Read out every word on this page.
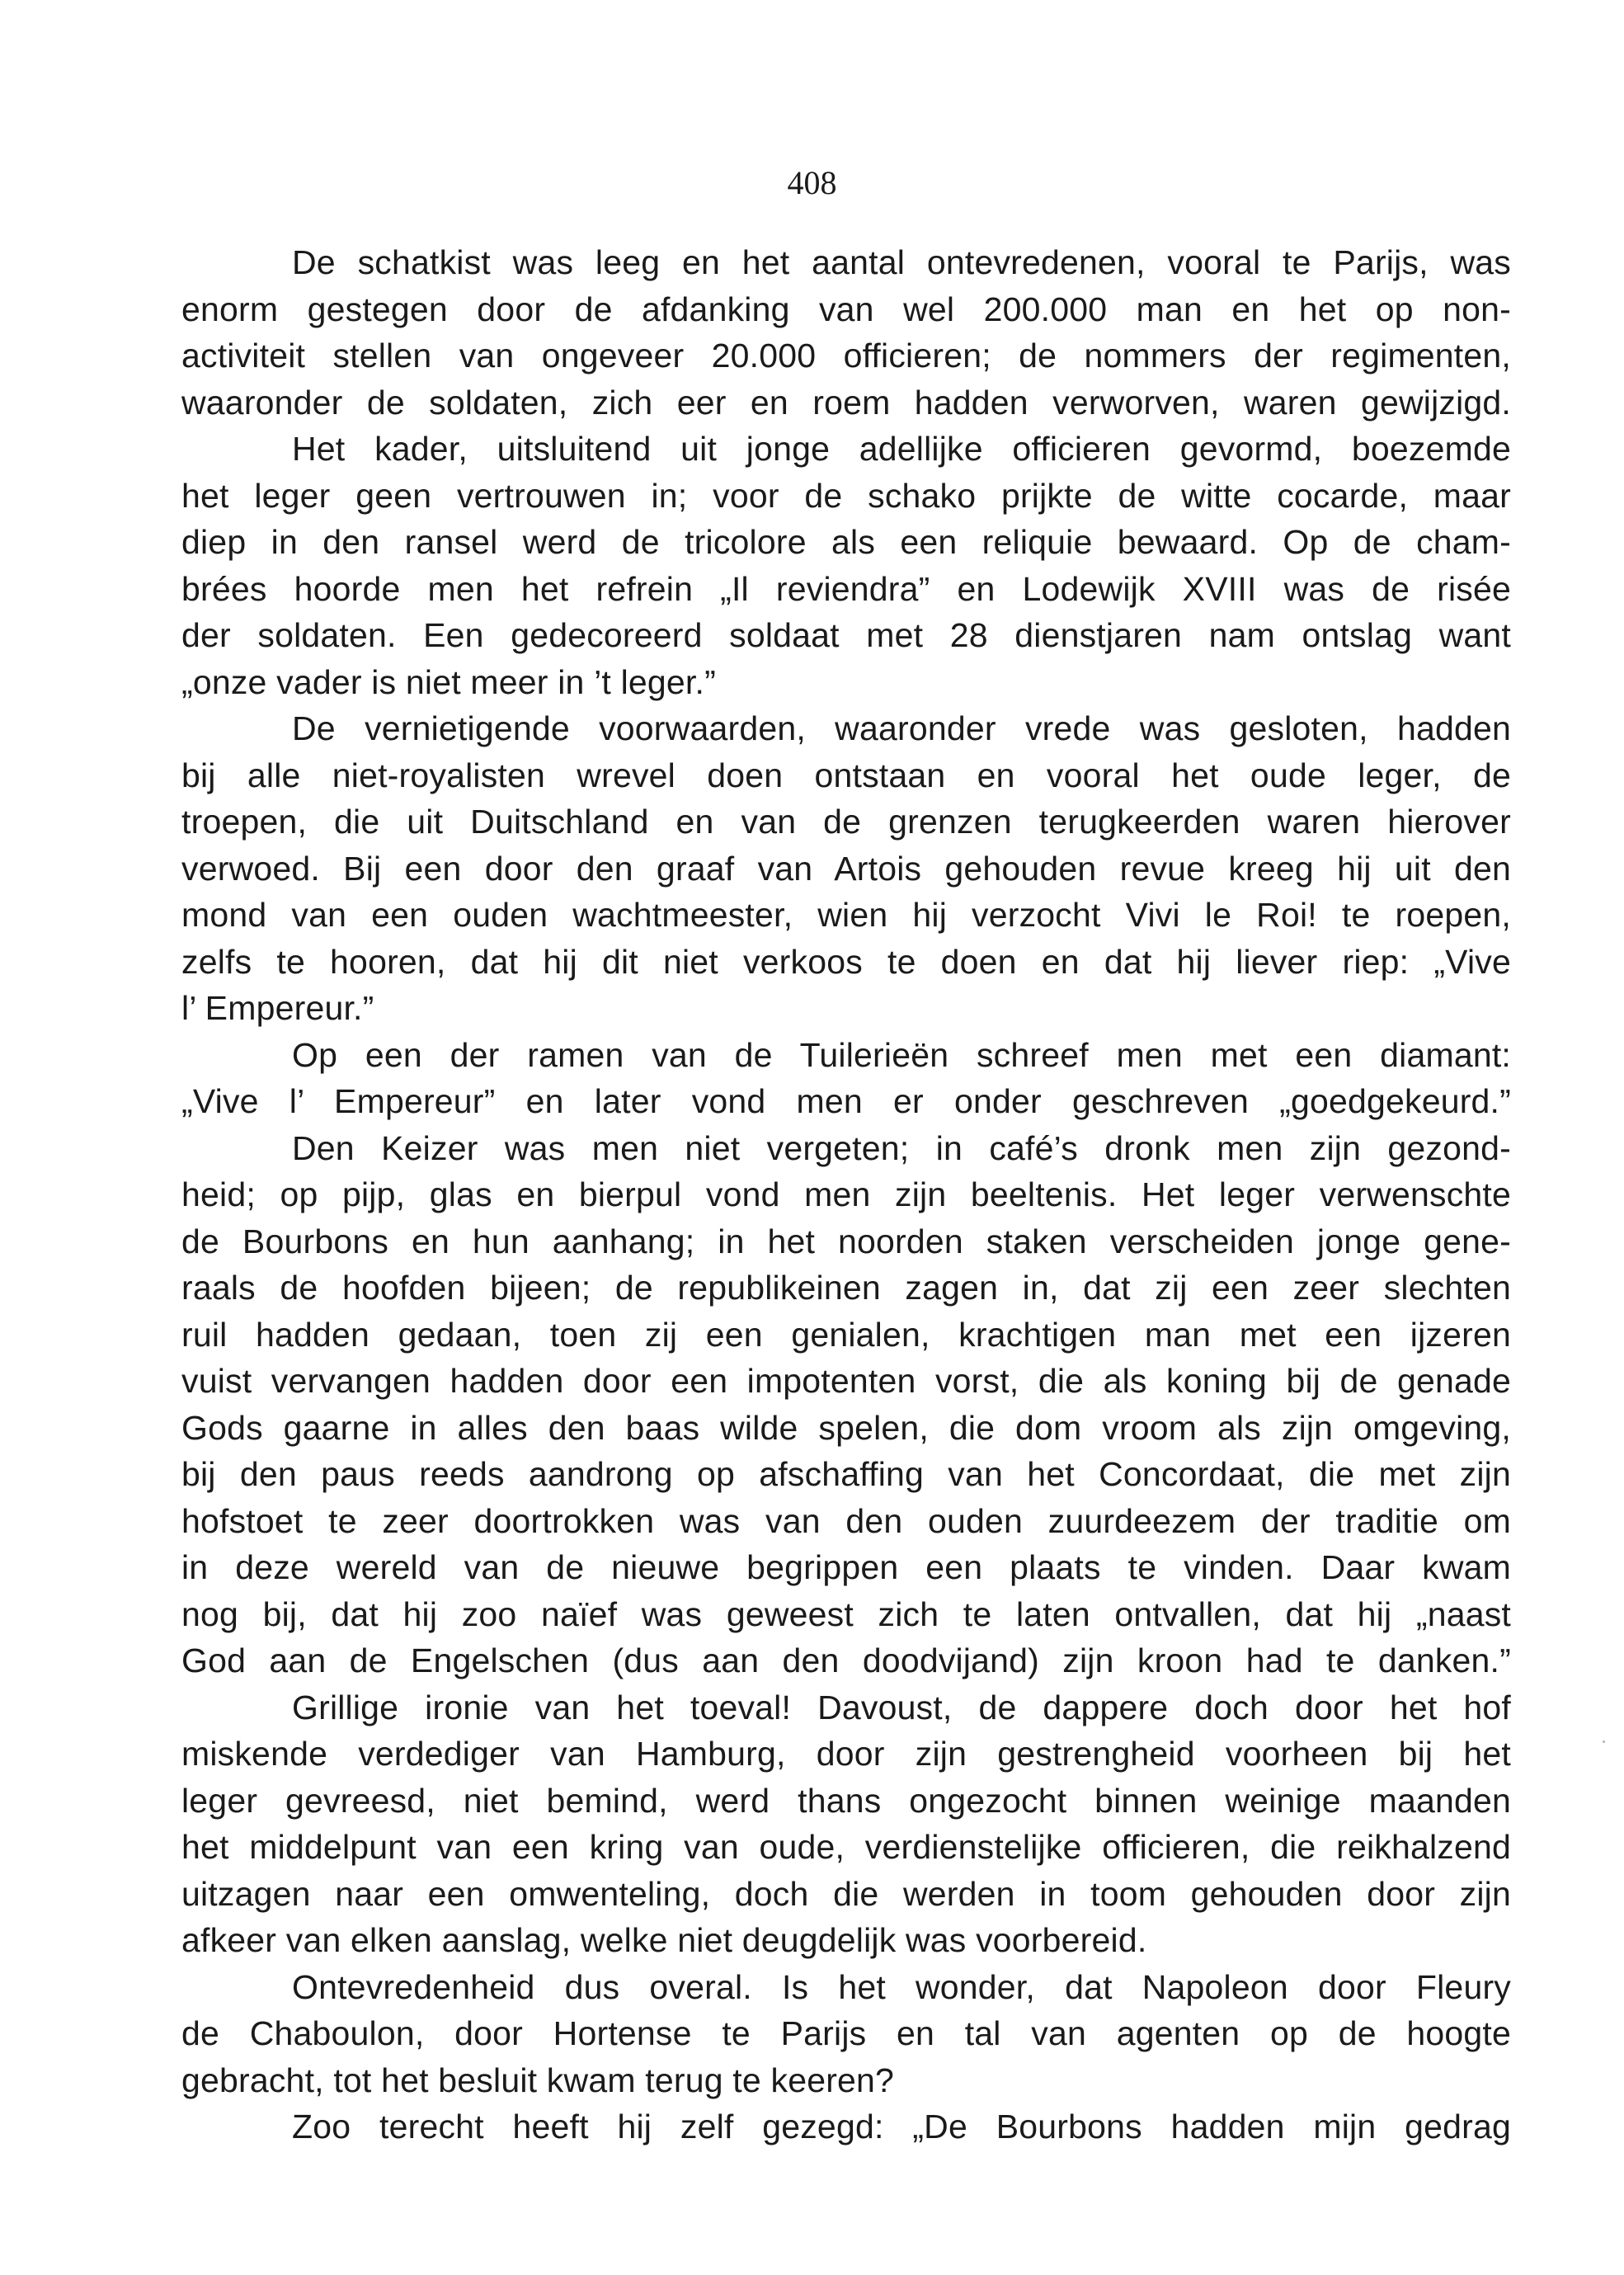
408
De schatkist was leeg en het aantal ontevredenen, vooral te Parijs, was
enorm gestegen door de afdanking van wel 200.000 man en het op non-
activiteit stellen van ongeveer 20.000 officieren; de nommers der regimenten,
waaronder de soldaten, zich eer en roem hadden verworven, waren gewijzigd.
Het kader, uitsluitend uit jonge adellijke officieren gevormd, boezemde
het leger geen vertrouwen in; voor de schako prijkte de witte cocarde, maar
diep in den ransel werd de tricolore als een reliquie bewaard. Op de cham-
brées hoorde men het refrein „Il reviendra” en Lodewijk XVIII was de risée
der soldaten. Een gedecoreerd soldaat met 28 dienstjaren nam ontslag want
„onze vader is niet meer in ’t leger.”
De vernietigende voorwaarden, waaronder vrede was gesloten, hadden
bij alle niet-royalisten wrevel doen ontstaan en vooral het oude leger, de
troepen, die uit Duitschland en van de grenzen terugkeerden waren hierover
verwoed. Bij een door den graaf van Artois gehouden revue kreeg hij uit den
mond van een ouden wachtmeester, wien hij verzocht Vivi le Roi! te roepen,
zelfs te hooren, dat hij dit niet verkoos te doen en dat hij liever riep: „Vive
l’ Empereur.”
Op een der ramen van de Tuilerieën schreef men met een diamant:
„Vive l’ Empereur” en later vond men er onder geschreven „goedgekeurd.”
Den Keizer was men niet vergeten; in café’s dronk men zijn gezond-
heid; op pijp, glas en bierpul vond men zijn beeltenis. Het leger verwenschte
de Bourbons en hun aanhang; in het noorden staken verscheiden jonge gene-
raals de hoofden bijeen; de republikeinen zagen in, dat zij een zeer slechten
ruil hadden gedaan, toen zij een genialen, krachtigen man met een ijzeren
vuist vervangen hadden door een impotenten vorst, die als koning bij de genade
Gods gaarne in alles den baas wilde spelen, die dom vroom als zijn omgeving,
bij den paus reeds aandrong op afschaffing van het Concordaat, die met zijn
hofstoet te zeer doortrokken was van den ouden zuurdeezem der traditie om
in deze wereld van de nieuwe begrippen een plaats te vinden. Daar kwam
nog bij, dat hij zoo naïef was geweest zich te laten ontvallen, dat hij „naast
God aan de Engelschen (dus aan den doodvijand) zijn kroon had te danken.”
Grillige ironie van het toeval! Davoust, de dappere doch door het hof
miskende verdediger van Hamburg, door zijn gestrengheid voorheen bij het
leger gevreesd, niet bemind, werd thans ongezocht binnen weinige maanden
het middelpunt van een kring van oude, verdienstelijke officieren, die reikhalzend
uitzagen naar een omwenteling, doch die werden in toom gehouden door zijn
afkeer van elken aanslag, welke niet deugdelijk was voorbereid.
Ontevredenheid dus overal. Is het wonder, dat Napoleon door Fleury
de Chaboulon, door Hortense te Parijs en tal van agenten op de hoogte
gebracht, tot het besluit kwam terug te keeren?
Zoo terecht heeft hij zelf gezegd: „De Bourbons hadden mijn gedrag
